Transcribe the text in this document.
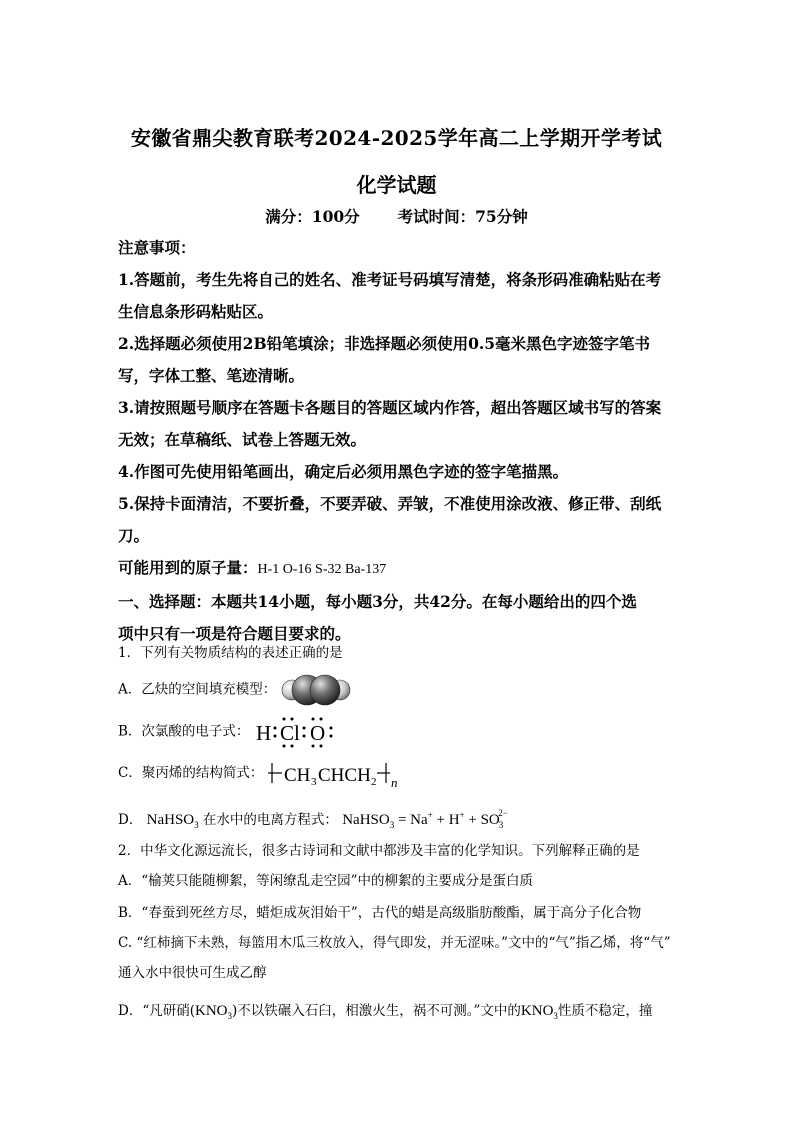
安徽省鼎尖教育联考2024-2025学年高二上学期开学考试
化学试题
满分：100分 考试时间：75分钟
注意事项：
1.答题前，考生先将自己的姓名、准考证号码填写清楚，将条形码准确粘贴在考
生信息条形码粘贴区。
2.选择题必须使用2B铅笔填涂；非选择题必须使用0.5毫米黑色字迹签字笔书
写，字体工整、笔迹清晰。
3.请按照题号顺序在答题卡各题目的答题区域内作答，超出答题区域书写的答案
无效；在草稿纸、试卷上答题无效。
4.作图可先使用铅笔画出，确定后必须用黑色字迹的签字笔描黑。
5.保持卡面清洁，不要折叠，不要弄破、弄皱，不准使用涂改液、修正带、刮纸
刀。
可能用到的原子量：H-1 O-16 S-32 Ba-137
一、选择题：本题共14小题，每小题3分，共42分。在每小题给出的四个选
项中只有一项是符合题目要求的。
1．下列有关物质结构的表述正确的是
A．乙炔的空间填充模型：
B．次氯酸的电子式： H Cl O
C．聚丙烯的结构简式： CH 3 CHCH 2 n
D． NaHSO$_3$ 在水中的电离方程式： NaHSO$_3$ = $Na^+ + H^+ + SO_3^{2-}$
2．中华文化源远流长，很多古诗词和文献中都涉及丰富的化学知识。下列解释正确的是
A．“榆荚只能随柳絮，等闲缭乱走空园”中的柳絮的主要成分是蛋白质
B．“春蚕到死丝方尽，蜡炬成灰泪始干”，古代的蜡是高级脂肪酸酯，属于高分子化合物
C. “红柿摘下未熟，每篮用木瓜三枚放入，得气即发，并无涩味。”文中的“气”指乙烯，将“气”
通入水中很快可生成乙醇
D．“凡研硝$(KNO_3)$不以铁碾入石臼，相激火生，祸不可测。”文中的$KNO_3$性质不稳定，撞
